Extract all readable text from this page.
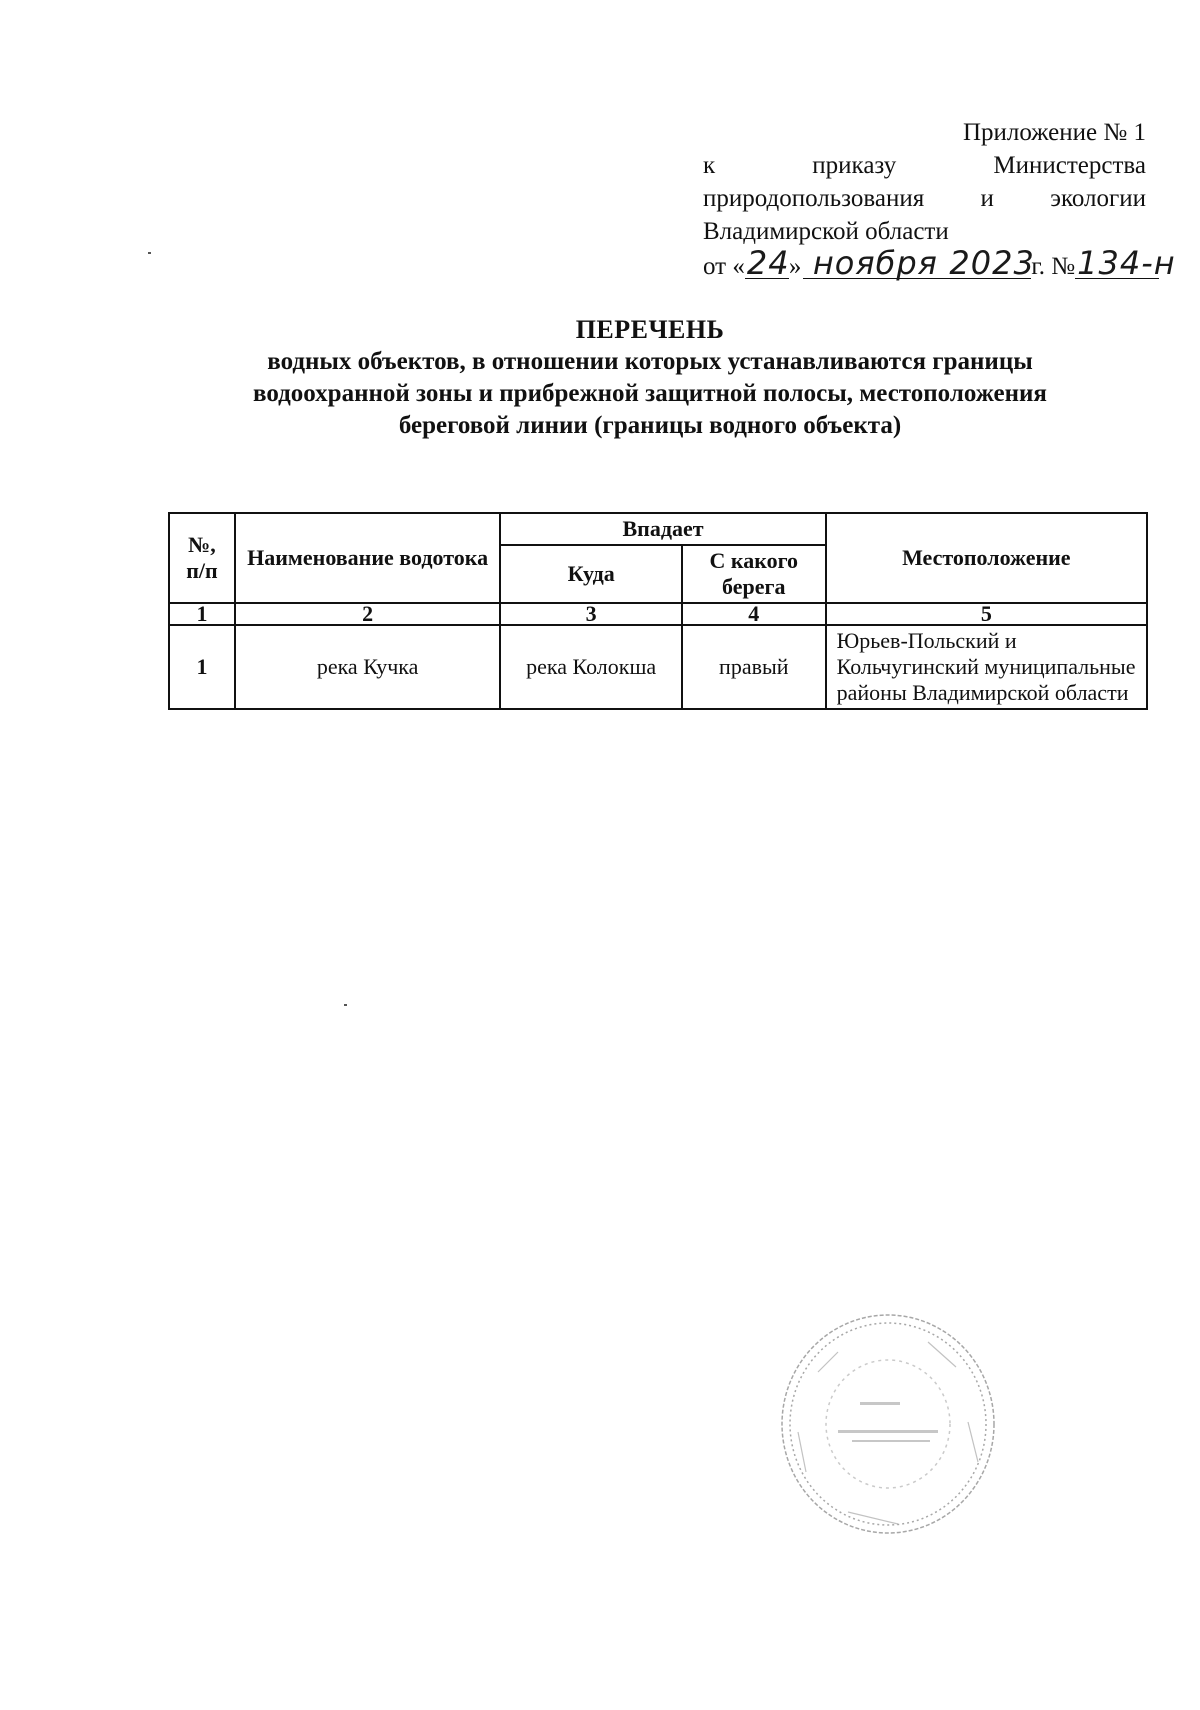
Приложение № 1
к	приказу	Министерства
природопользования и экологии
Владимирской области
от « 24 » ноября 2023
г. № 134-н
ПЕРЕЧЕНЬ
водных объектов, в отношении которых устанавливаются границы
водоохранной зоны и прибрежной защитной полосы, местоположения
береговой линии (границы водного объекта)
№, п/п	Наименование водотока	Впадает		Местоположение
		Куда	С какого берега	
1	2	3	4	5
1	река Кучка	река Колокша	правый	Юрьев-Польский и Кольчугинский муниципальные районы Владимирской области
